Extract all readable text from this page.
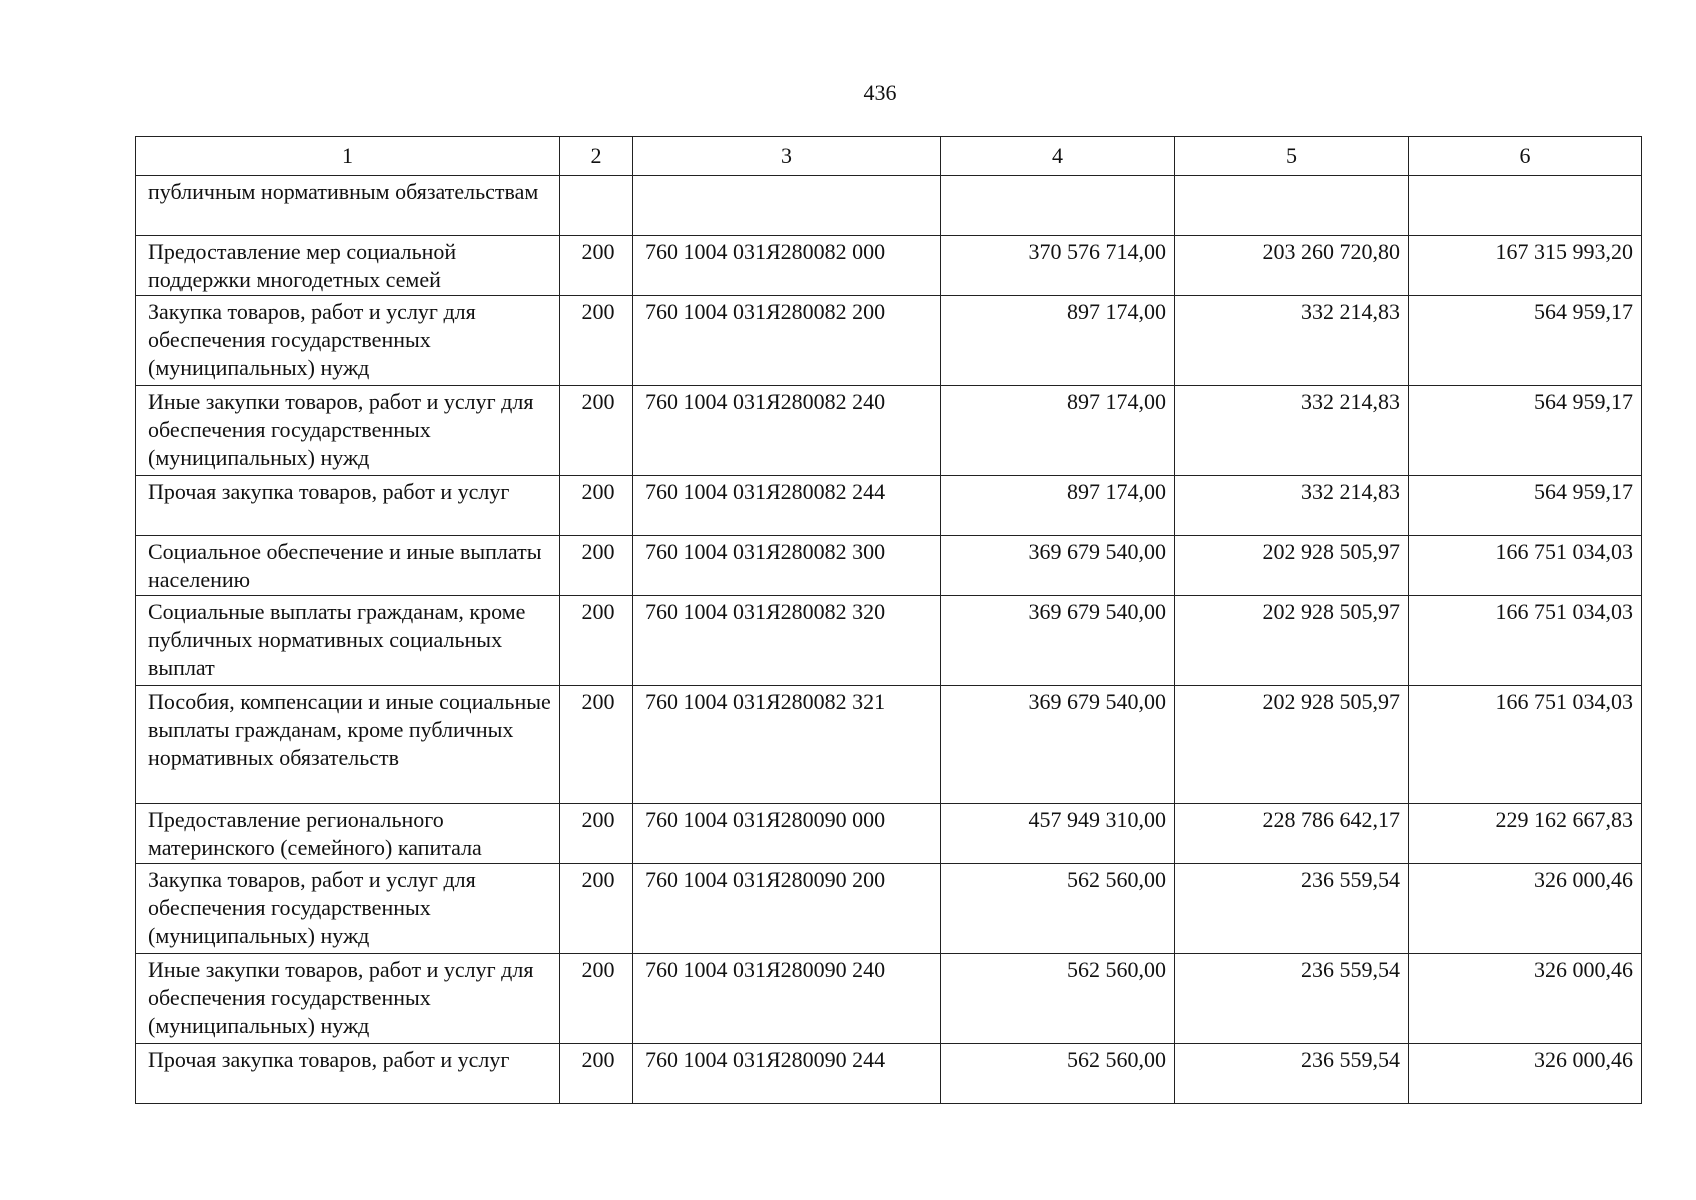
436
1	2	3	4	5	6
публичным нормативным обязательствам					
Предоставление мер социальной поддержки многодетных семей	200	760 1004 031Я280082 000	370 576 714,00	203 260 720,80	167 315 993,20
Закупка товаров, работ и услуг для обеспечения государственных (муниципальных) нужд	200	760 1004 031Я280082 200	897 174,00	332 214,83	564 959,17
Иные закупки товаров, работ и услуг для обеспечения государственных (муниципальных) нужд	200	760 1004 031Я280082 240	897 174,00	332 214,83	564 959,17
Прочая закупка товаров, работ и услуг	200	760 1004 031Я280082 244	897 174,00	332 214,83	564 959,17
Социальное обеспечение и иные выплаты населению	200	760 1004 031Я280082 300	369 679 540,00	202 928 505,97	166 751 034,03
Социальные выплаты гражданам, кроме публичных нормативных социальных выплат	200	760 1004 031Я280082 320	369 679 540,00	202 928 505,97	166 751 034,03
Пособия, компенсации и иные социальные выплаты гражданам, кроме публичных нормативных обязательств	200	760 1004 031Я280082 321	369 679 540,00	202 928 505,97	166 751 034,03
Предоставление регионального материнского (семейного) капитала	200	760 1004 031Я280090 000	457 949 310,00	228 786 642,17	229 162 667,83
Закупка товаров, работ и услуг для обеспечения государственных (муниципальных) нужд	200	760 1004 031Я280090 200	562 560,00	236 559,54	326 000,46
Иные закупки товаров, работ и услуг для обеспечения государственных (муниципальных) нужд	200	760 1004 031Я280090 240	562 560,00	236 559,54	326 000,46
Прочая закупка товаров, работ и услуг	200	760 1004 031Я280090 244	562 560,00	236 559,54	326 000,46
